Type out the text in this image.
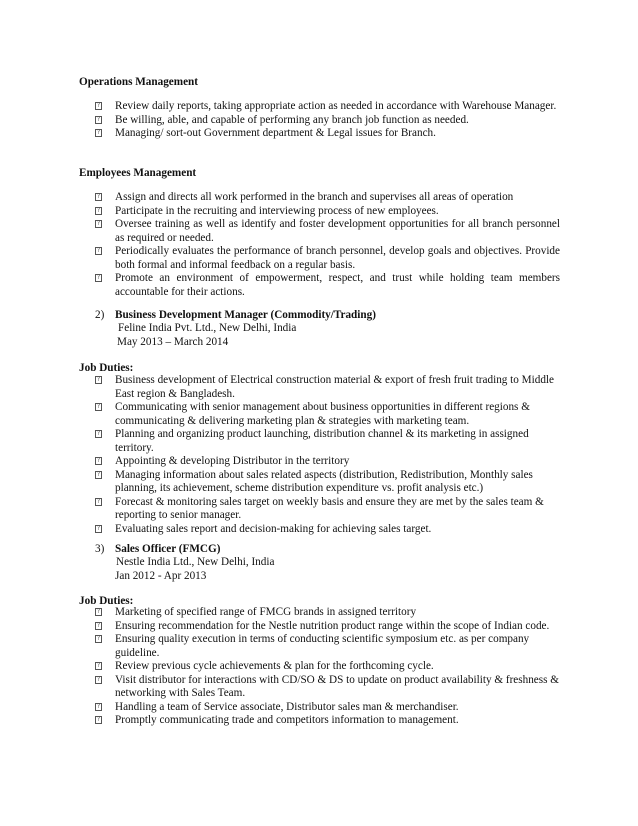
Operations Management
? Review daily reports, taking appropriate action as needed in accordance with Warehouse Manager.
? Be willing, able, and capable of performing any branch job function as needed.
? Managing/ sort-out Government department & Legal issues for Branch.
Employees Management
? Assign and directs all work performed in the branch and supervises all areas of operation
? Participate in the recruiting and interviewing process of new employees.
? Oversee training as well as identify and foster development opportunities for all branch personnel as required or needed.
? Periodically evaluates the performance of branch personnel, develop goals and objectives. Provide both formal and informal feedback on a regular basis.
? Promote an environment of empowerment, respect, and trust while holding team members accountable for their actions.
2) Business Development Manager (Commodity/Trading)
Feline India Pvt. Ltd., New Delhi, India
May 2013 – March 2014
Job Duties:
? Business development of Electrical construction material & export of fresh fruit trading to Middle East region & Bangladesh.
? Communicating with senior management about business opportunities in different regions & communicating & delivering marketing plan & strategies with marketing team.
? Planning and organizing product launching, distribution channel & its marketing in assigned territory.
? Appointing & developing Distributor in the territory
? Managing information about sales related aspects (distribution, Redistribution, Monthly sales planning, its achievement, scheme distribution expenditure vs. profit analysis etc.)
? Forecast & monitoring sales target on weekly basis and ensure they are met by the sales team & reporting to senior manager.
? Evaluating sales report and decision-making for achieving sales target.
3) Sales Officer (FMCG)
Nestle India Ltd., New Delhi, India
Jan 2012 - Apr 2013
Job Duties:
? Marketing of specified range of FMCG brands in assigned territory
? Ensuring recommendation for the Nestle nutrition product range within the scope of Indian code.
? Ensuring quality execution in terms of conducting scientific symposium etc. as per company guideline.
? Review previous cycle achievements & plan for the forthcoming cycle.
? Visit distributor for interactions with CD/SO & DS to update on product availability & freshness & networking with Sales Team.
? Handling a team of Service associate, Distributor sales man & merchandiser.
? Promptly communicating trade and competitors information to management.
